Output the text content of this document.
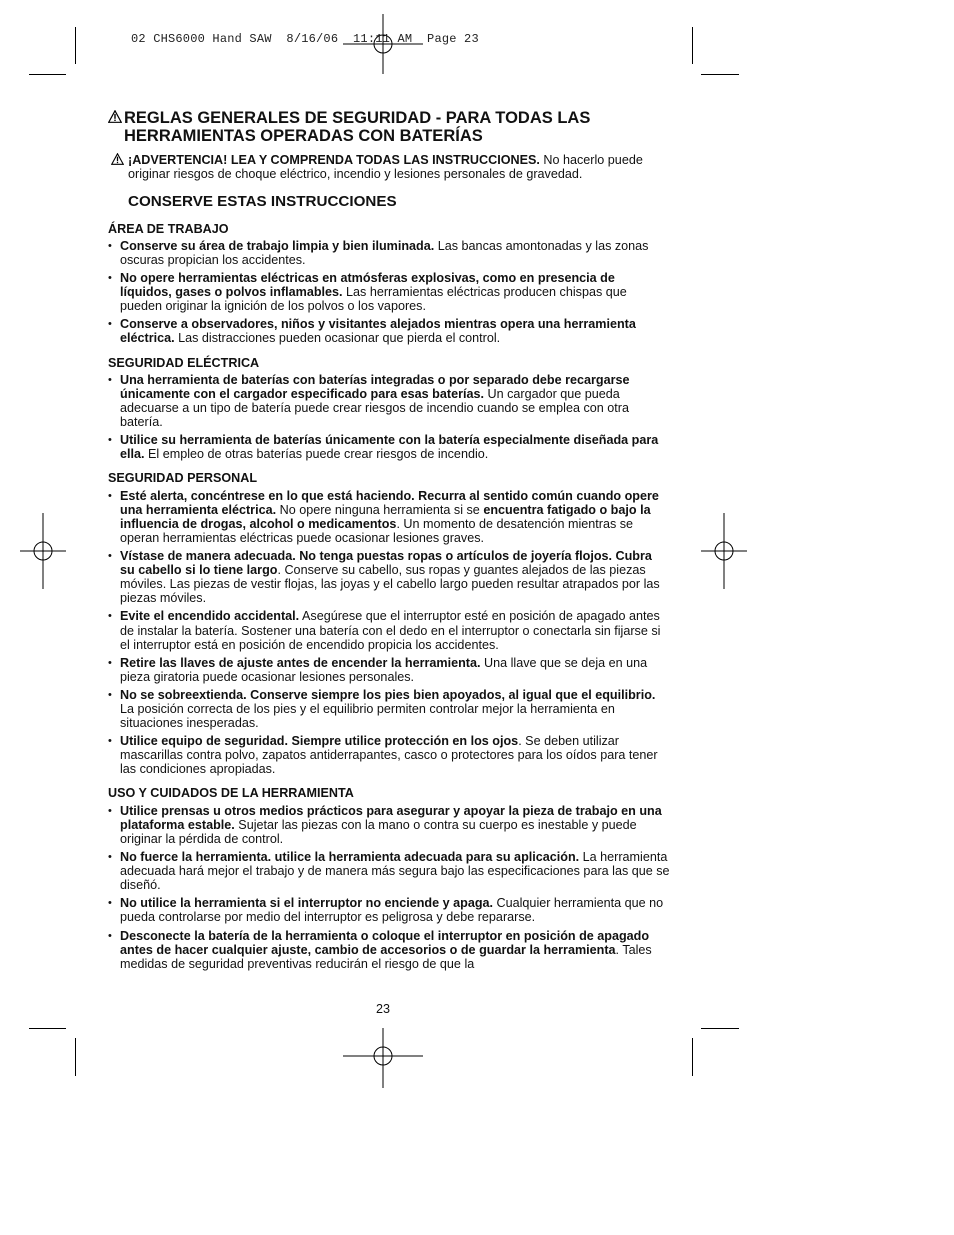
02 CHS6000 Hand SAW  8/16/06  11:11 AM  Page 23
REGLAS GENERALES DE SEGURIDAD - PARA TODAS LAS
HERRAMIENTAS OPERADAS CON BATERÍAS
¡ADVERTENCIA! LEA Y COMPRENDA TODAS LAS INSTRUCCIONES. No hacerlo puede originar riesgos de choque eléctrico, incendio y lesiones personales de gravedad.
CONSERVE ESTAS INSTRUCCIONES
ÁREA DE TRABAJO
• Conserve su área de trabajo limpia y bien iluminada. Las bancas amontonadas y las zonas oscuras propician los accidentes.
• No opere herramientas eléctricas en atmósferas explosivas, como en presencia de líquidos, gases o polvos inflamables. Las herramientas eléctricas producen chispas que pueden originar la ignición de los polvos o los vapores.
• Conserve a observadores, niños y visitantes alejados mientras opera una herramienta eléctrica. Las distracciones pueden ocasionar que pierda el control.
SEGURIDAD ELÉCTRICA
• Una herramienta de baterías con baterías integradas o por separado debe recargarse únicamente con el cargador especificado para esas baterías. Un cargador que pueda adecuarse a un tipo de batería puede crear riesgos de incendio cuando se emplea con otra batería.
• Utilice su herramienta de baterías únicamente con la batería especialmente diseñada para ella. El empleo de otras baterías puede crear riesgos de incendio.
SEGURIDAD PERSONAL
• Esté alerta, concéntrese en lo que está haciendo. Recurra al sentido común cuando opere una herramienta eléctrica. No opere ninguna herramienta si se encuentra fatigado o bajo la influencia de drogas, alcohol o medicamentos. Un momento de desatención mientras se operan herramientas eléctricas puede ocasionar lesiones graves.
• Vístase de manera adecuada. No tenga puestas ropas o artículos de joyería flojos. Cubra su cabello si lo tiene largo. Conserve su cabello, sus ropas y guantes alejados de las piezas móviles. Las piezas de vestir flojas, las joyas y el cabello largo pueden resultar atrapados por las piezas móviles.
• Evite el encendido accidental. Asegúrese que el interruptor esté en posición de apagado antes de instalar la batería. Sostener una batería con el dedo en el interruptor o conectarla sin fijarse si el interruptor está en posición de encendido propicia los accidentes.
• Retire las llaves de ajuste antes de encender la herramienta. Una llave que se deja en una pieza giratoria puede ocasionar lesiones personales.
• No se sobreextienda. Conserve siempre los pies bien apoyados, al igual que el equilibrio. La posición correcta de los pies y el equilibrio permiten controlar mejor la herramienta en situaciones inesperadas.
• Utilice equipo de seguridad. Siempre utilice protección en los ojos. Se deben utilizar mascarillas contra polvo, zapatos antiderrapantes, casco o protectores para los oídos para tener las condiciones apropiadas.
USO Y CUIDADOS DE LA HERRAMIENTA
• Utilice prensas u otros medios prácticos para asegurar y apoyar la pieza de trabajo en una plataforma estable. Sujetar las piezas con la mano o contra su cuerpo es inestable y puede originar la pérdida de control.
• No fuerce la herramienta. utilice la herramienta adecuada para su aplicación. La herramienta adecuada hará mejor el trabajo y de manera más segura bajo las especificaciones para las que se diseñó.
• No utilice la herramienta si el interruptor no enciende y apaga. Cualquier herramienta que no pueda controlarse por medio del interruptor es peligrosa y debe repararse.
• Desconecte la batería de la herramienta o coloque el interruptor en posición de apagado antes de hacer cualquier ajuste, cambio de accesorios o de guardar la herramienta. Tales medidas de seguridad preventivas reducirán el riesgo de que la
23
